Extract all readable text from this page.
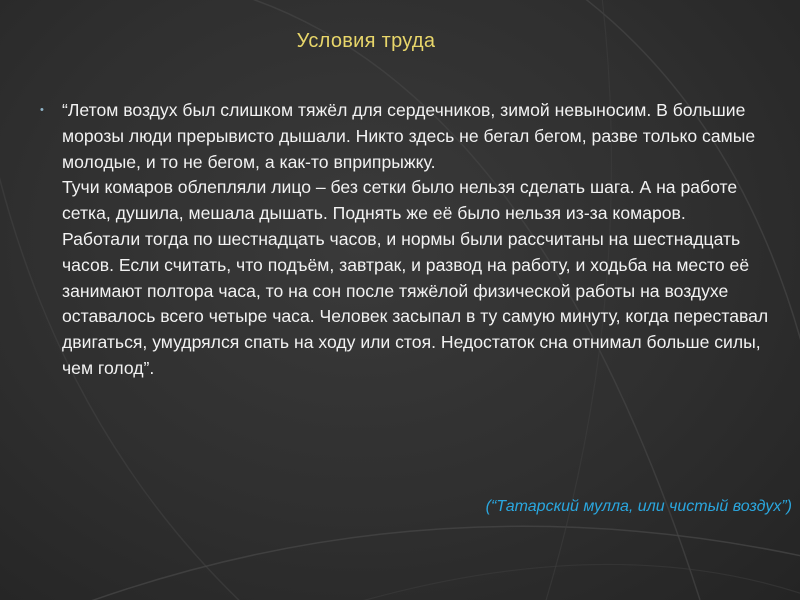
Условия труда
•	“Летом воздух был слишком тяжёл для сердечников, зимой невыносим. В большие морозы люди прерывисто дышали. Никто здесь не бегал бегом, разве только самые молодые, и то не бегом, а как-то вприпрыжку.

Тучи комаров облепляли лицо – без сетки было нельзя сделать шага. А на работе сетка, душила, мешала дышать. Поднять же её было нельзя из-за комаров.

Работали тогда по шестнадцать часов, и нормы были рассчитаны на шестнадцать часов. Если считать, что подъём, завтрак, и развод на работу, и ходьба на место её занимают полтора часа, то на сон после тяжёлой физической работы на воздухе оставалось всего четыре часа. Человек засыпал в ту самую минуту, когда переставал двигаться, умудрялся спать на ходу или стоя. Недостаток сна отнимал больше силы, чем голод”.

(“Татарский мулла, или чистый воздух”)
